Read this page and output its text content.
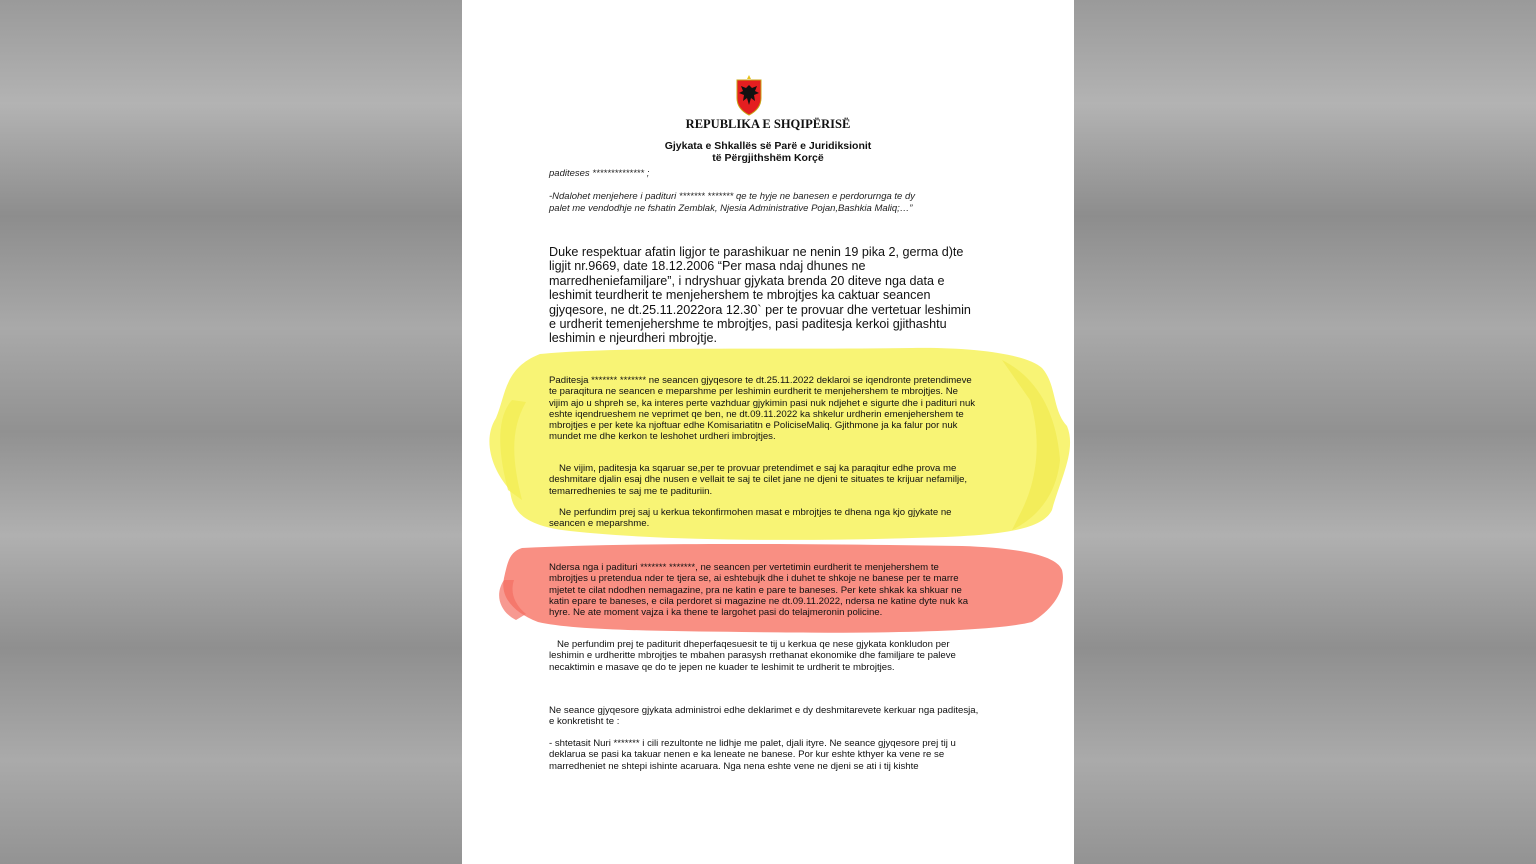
REPUBLIKA E SHQIPËRISË
Gjykata e Shkallës së Parë e Juridiksionit
të Përgjithshëm Korçë
paditeses ************** ;
-Ndalohet menjehere i padituri ******* ******* qe te hyje ne banesen e perdorurnga te dy
palet me vendodhje ne fshatin Zemblak, Njesia Administrative Pojan,Bashkia Maliq;…”

Duke respektuar afatin ligjor te parashikuar ne nenin 19 pika 2, germa d)te ligjit nr.9669, date 18.12.2006 “Per masa ndaj dhunes ne marredheniefamiljare”, i ndryshuar gjykata brenda 20 diteve nga data e leshimit teurdherit te menjehershem te mbrojtjes ka caktuar seancen gjyqesore, ne dt.25.11.2022ora 12.30` per te provuar dhe vertetuar leshimin e urdherit temenjehershme te mbrojtjes, pasi paditesja kerkoi gjithashtu leshimin e njeurdheri mbrojtje.

Paditesja ******* ******* ne seancen gjyqesore te dt.25.11.2022 deklaroi se iqendronte pretendimeve te paraqitura ne seancen e meparshme per leshimin eurdherit te menjehershem te mbrojtjes. Ne vijim ajo u shpreh se, ka interes perte vazhduar gjykimin pasi nuk ndjehet e sigurte dhe i padituri nuk eshte iqendrueshem ne veprimet qe ben, ne dt.09.11.2022 ka shkelur urdherin emenjehershem te mbrojtjes e per kete ka njoftuar edhe Komisariatitn e PoliciseMaliq. Gjithmone ja ka falur por nuk mundet me dhe kerkon te leshohet urdheri imbrojtjes.

Ne vijim, paditesja ka sqaruar se,per te provuar pretendimet e saj ka paraqitur edhe prova me deshmitare djalin esaj dhe nusen e vellait te saj te cilet jane ne djeni te situates te krijuar nefamilje, temarredhenies te saj me te padituriin.

Ne perfundim prej saj u kerkua tekonfirmohen masat e mbrojtjes te dhena nga kjo gjykate ne seancen e meparshme.

Ndersa nga i padituri ******* *******, ne seancen per vertetimin eurdherit te menjehershem te mbrojtjes u pretendua nder te tjera se, ai eshtebujk dhe i duhet te shkoje ne banese per te marre mjetet te cilat ndodhen nemagazine, pra ne katin e pare te baneses. Per kete shkak ka shkuar ne katin epare te baneses, e cila perdoret si magazine ne dt.09.11.2022, ndersa ne katine dyte nuk ka hyre. Ne ate moment vajza i ka thene te largohet pasi do telajmeronin policine.

Ne perfundim prej te paditurit dheperfaqesuesit te tij u kerkua qe nese gjykata konkludon per leshimin e urdheritte mbrojtjes te mbahen parasysh rrethanat ekonomike dhe familjare te paleve necaktimin e masave qe do te jepen ne kuader te leshimit te urdherit te mbrojtjes.

Ne seance gjyqesore gjykata administroi edhe deklarimet e dy deshmitarevete kerkuar nga paditesja, e konkretisht te :

- shtetasit Nuri ******* i cili rezultonte ne lidhje me palet, djali ityre. Ne seance gjyqesore prej tij u deklarua se pasi ka takuar nenen e ka leneate ne banese. Por kur eshte kthyer ka vene re se marredheniet ne shtepi ishinte acaruara. Nga nena eshte vene ne djeni se ati i tij kishte
